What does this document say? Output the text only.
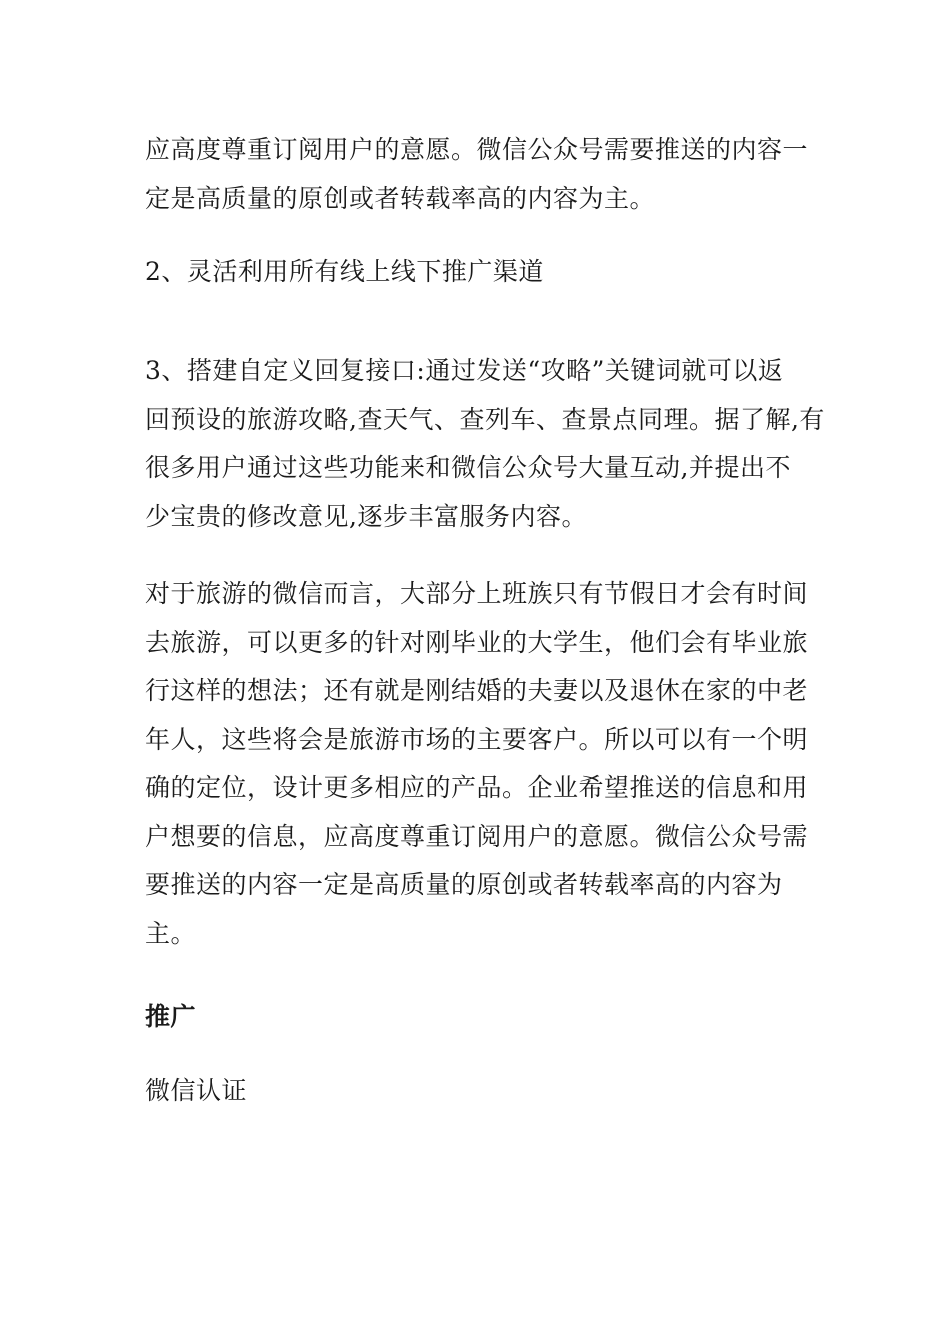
应高度尊重订阅用户的意愿。微信公众号需要推送的内容一
定是高质量的原创或者转载率高的内容为主。
2、灵活利用所有线上线下推广渠道
3、搭建自定义回复接口:通过发送“攻略”关键词就可以返
回预设的旅游攻略,查天气、查列车、查景点同理。据了解,有
很多用户通过这些功能来和微信公众号大量互动,并提出不
少宝贵的修改意见,逐步丰富服务内容。
对于旅游的微信而言，大部分上班族只有节假日才会有时间
去旅游，可以更多的针对刚毕业的大学生，他们会有毕业旅
行这样的想法；还有就是刚结婚的夫妻以及退休在家的中老
年人，这些将会是旅游市场的主要客户。所以可以有一个明
确的定位，设计更多相应的产品。企业希望推送的信息和用
户想要的信息，应高度尊重订阅用户的意愿。微信公众号需
要推送的内容一定是高质量的原创或者转载率高的内容为
主。
推广
微信认证
